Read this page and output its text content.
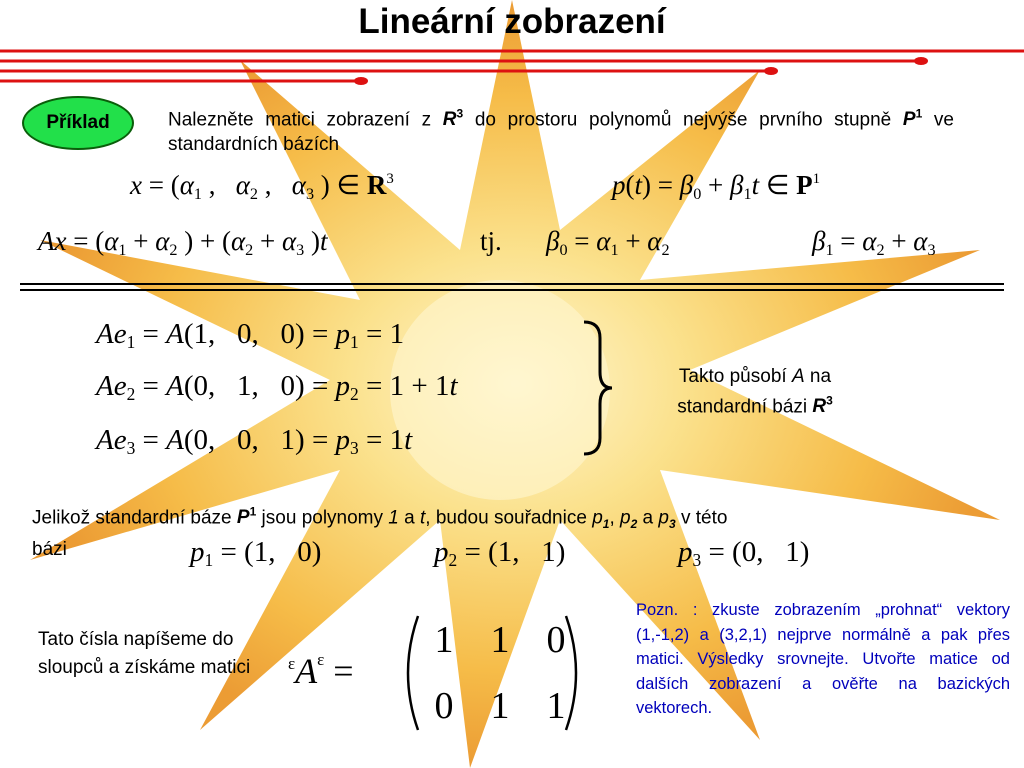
Lineární zobrazení
Příklad	Nalezněte matici zobrazení z $R^3$ do prostoru polynomů nejvýše prvního stupně $P^1$ ve standardních bázích
$x = (\alpha_1$ ,   $\alpha_2$ ,   $\alpha_3$ ) ∈ $R^3$	$p(t) = \beta_0 + \beta_1t$ ∈ $P^1$
$Ax = (\alpha_1 + \alpha_2$ ) + ($\alpha_2 + \alpha_3$ )t	tj. $\beta_0 = \alpha_1 + \alpha_2$	$\beta_1 = \alpha_2 + \alpha_3$
$Ae_1 = A(1$,   0,   $0) = p_1 = 1$
$Ae_2 = A(0$,   1,   $0) = p_2 = 1 + 1t$
$Ae_3 = A(0$,   0,   $1) = p_3 = 1t$
Takto působí A na
standardní bázi $R^3$
Jelikož standardní báze $P^1$ jsou polynomy 1 a t, budou souřadnice $p_1$, $p_2$ a $p_3$ v této
bázi	$p_1 = (1$,   0)	$p_2 = (1$,   1)	$p_3 = (0$,   1)
Tato čísla napíšeme do sloupců a získáme matici	$^\varepsilon A^\varepsilon$ =
1 1 0
0 1 1
Pozn. : zkuste zobrazením „prohnat“ vektory (1,-1,2) a (3,2,1) nejprve normálně a pak přes matici. Výsledky srovnejte. Utvořte matice od dalších zobrazení a ověřte na bazických vektorech.
